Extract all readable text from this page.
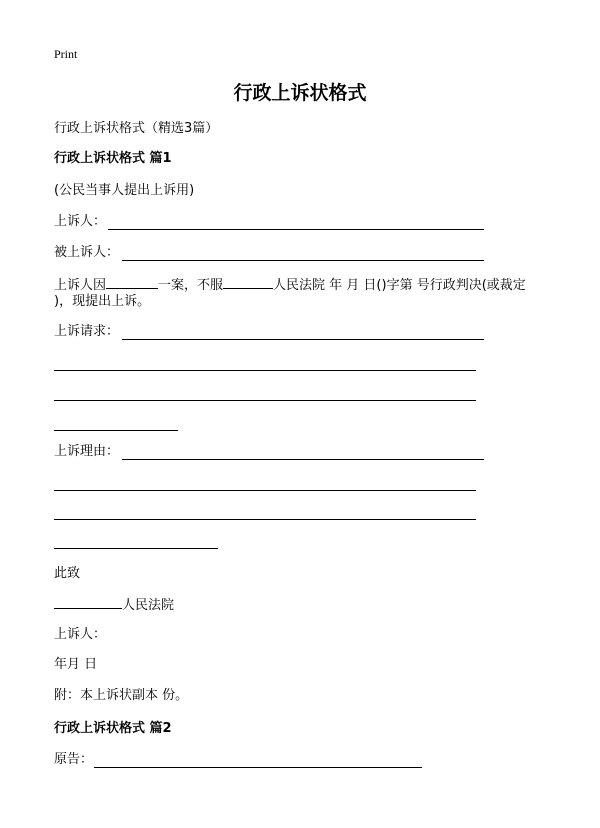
Print
行政上诉状格式
行政上诉状格式（精选3篇）
行政上诉状格式 篇1
(公民当事人提出上诉用)
上诉人：
被上诉人：
上诉人因	一案，不服	人民法院 年 月 日()字第 号行政判决(或裁定
)，现提出上诉。
上诉请求：
上诉理由：
此致
人民法院
上诉人：
年月 日
附：本上诉状副本 份。
行政上诉状格式 篇2
原告：
